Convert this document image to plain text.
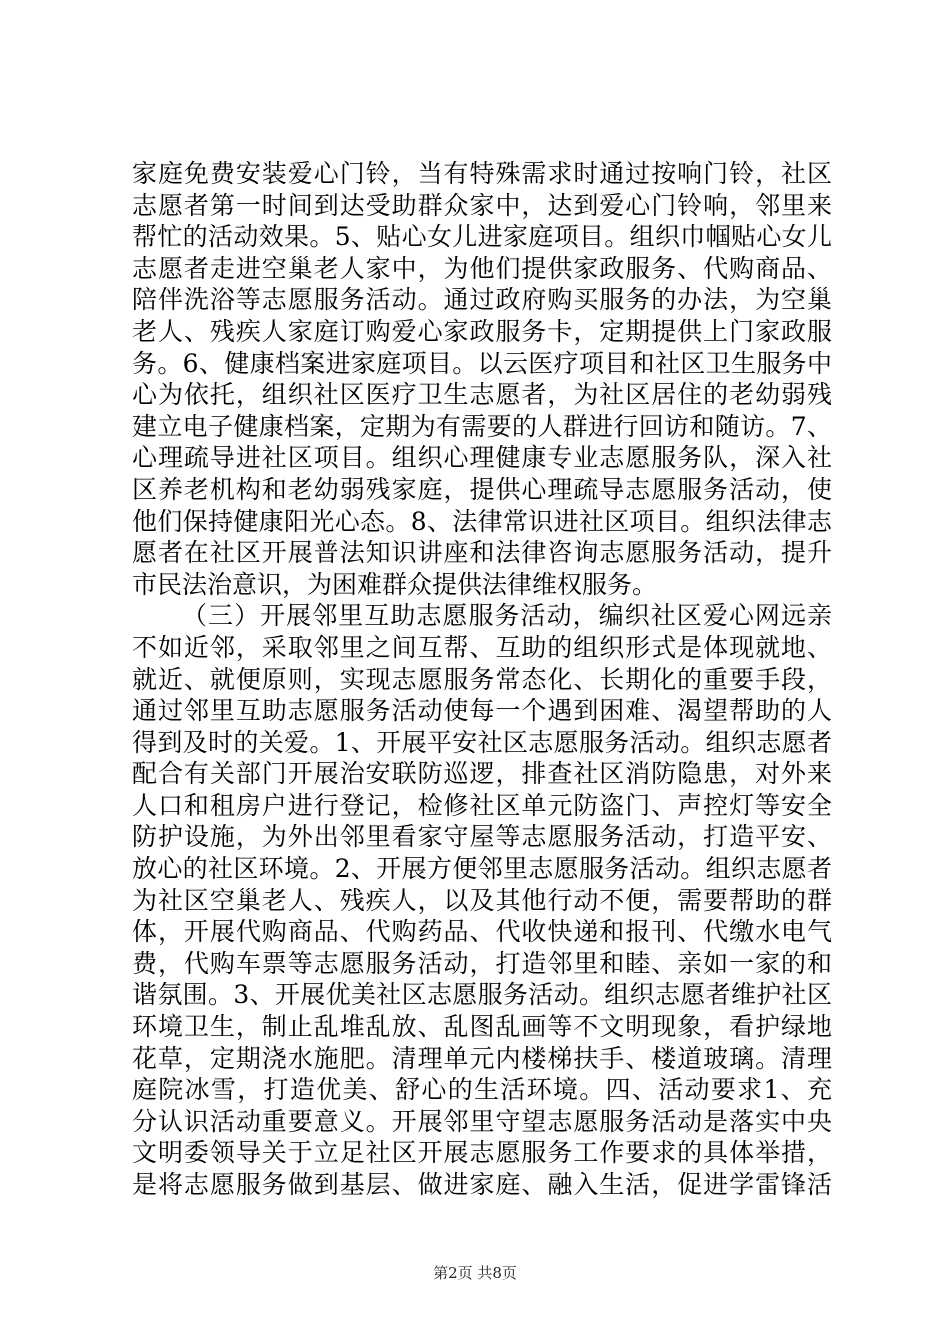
家庭免费安装爱心门铃，当有特殊需求时通过按响门铃，社区
志愿者第一时间到达受助群众家中，达到爱心门铃响，邻里来
帮忙的活动效果。5、贴心女儿进家庭项目。组织巾帼贴心女儿
志愿者走进空巢老人家中，为他们提供家政服务、代购商品、
陪伴洗浴等志愿服务活动。通过政府购买服务的办法，为空巢
老人、残疾人家庭订购爱心家政服务卡，定期提供上门家政服
务。6、健康档案进家庭项目。以云医疗项目和社区卫生服务中
心为依托，组织社区医疗卫生志愿者，为社区居住的老幼弱残
建立电子健康档案，定期为有需要的人群进行回访和随访。7、
心理疏导进社区项目。组织心理健康专业志愿服务队，深入社
区养老机构和老幼弱残家庭，提供心理疏导志愿服务活动，使
他们保持健康阳光心态。8、法律常识进社区项目。组织法律志
愿者在社区开展普法知识讲座和法律咨询志愿服务活动，提升
市民法治意识，为困难群众提供法律维权服务。
（三）开展邻里互助志愿服务活动，编织社区爱心网远亲
不如近邻，采取邻里之间互帮、互助的组织形式是体现就地、
就近、就便原则，实现志愿服务常态化、长期化的重要手段，
通过邻里互助志愿服务活动使每一个遇到困难、渴望帮助的人
得到及时的关爱。1、开展平安社区志愿服务活动。组织志愿者
配合有关部门开展治安联防巡逻，排查社区消防隐患，对外来
人口和租房户进行登记，检修社区单元防盗门、声控灯等安全
防护设施，为外出邻里看家守屋等志愿服务活动，打造平安、
放心的社区环境。2、开展方便邻里志愿服务活动。组织志愿者
为社区空巢老人、残疾人，以及其他行动不便，需要帮助的群
体，开展代购商品、代购药品、代收快递和报刊、代缴水电气
费，代购车票等志愿服务活动，打造邻里和睦、亲如一家的和
谐氛围。3、开展优美社区志愿服务活动。组织志愿者维护社区
环境卫生，制止乱堆乱放、乱图乱画等不文明现象，看护绿地
花草，定期浇水施肥。清理单元内楼梯扶手、楼道玻璃。清理
庭院冰雪，打造优美、舒心的生活环境。四、活动要求1、充
分认识活动重要意义。开展邻里守望志愿服务活动是落实中央
文明委领导关于立足社区开展志愿服务工作要求的具体举措，
是将志愿服务做到基层、做进家庭、融入生活，促进学雷锋活
第2页 共8页
